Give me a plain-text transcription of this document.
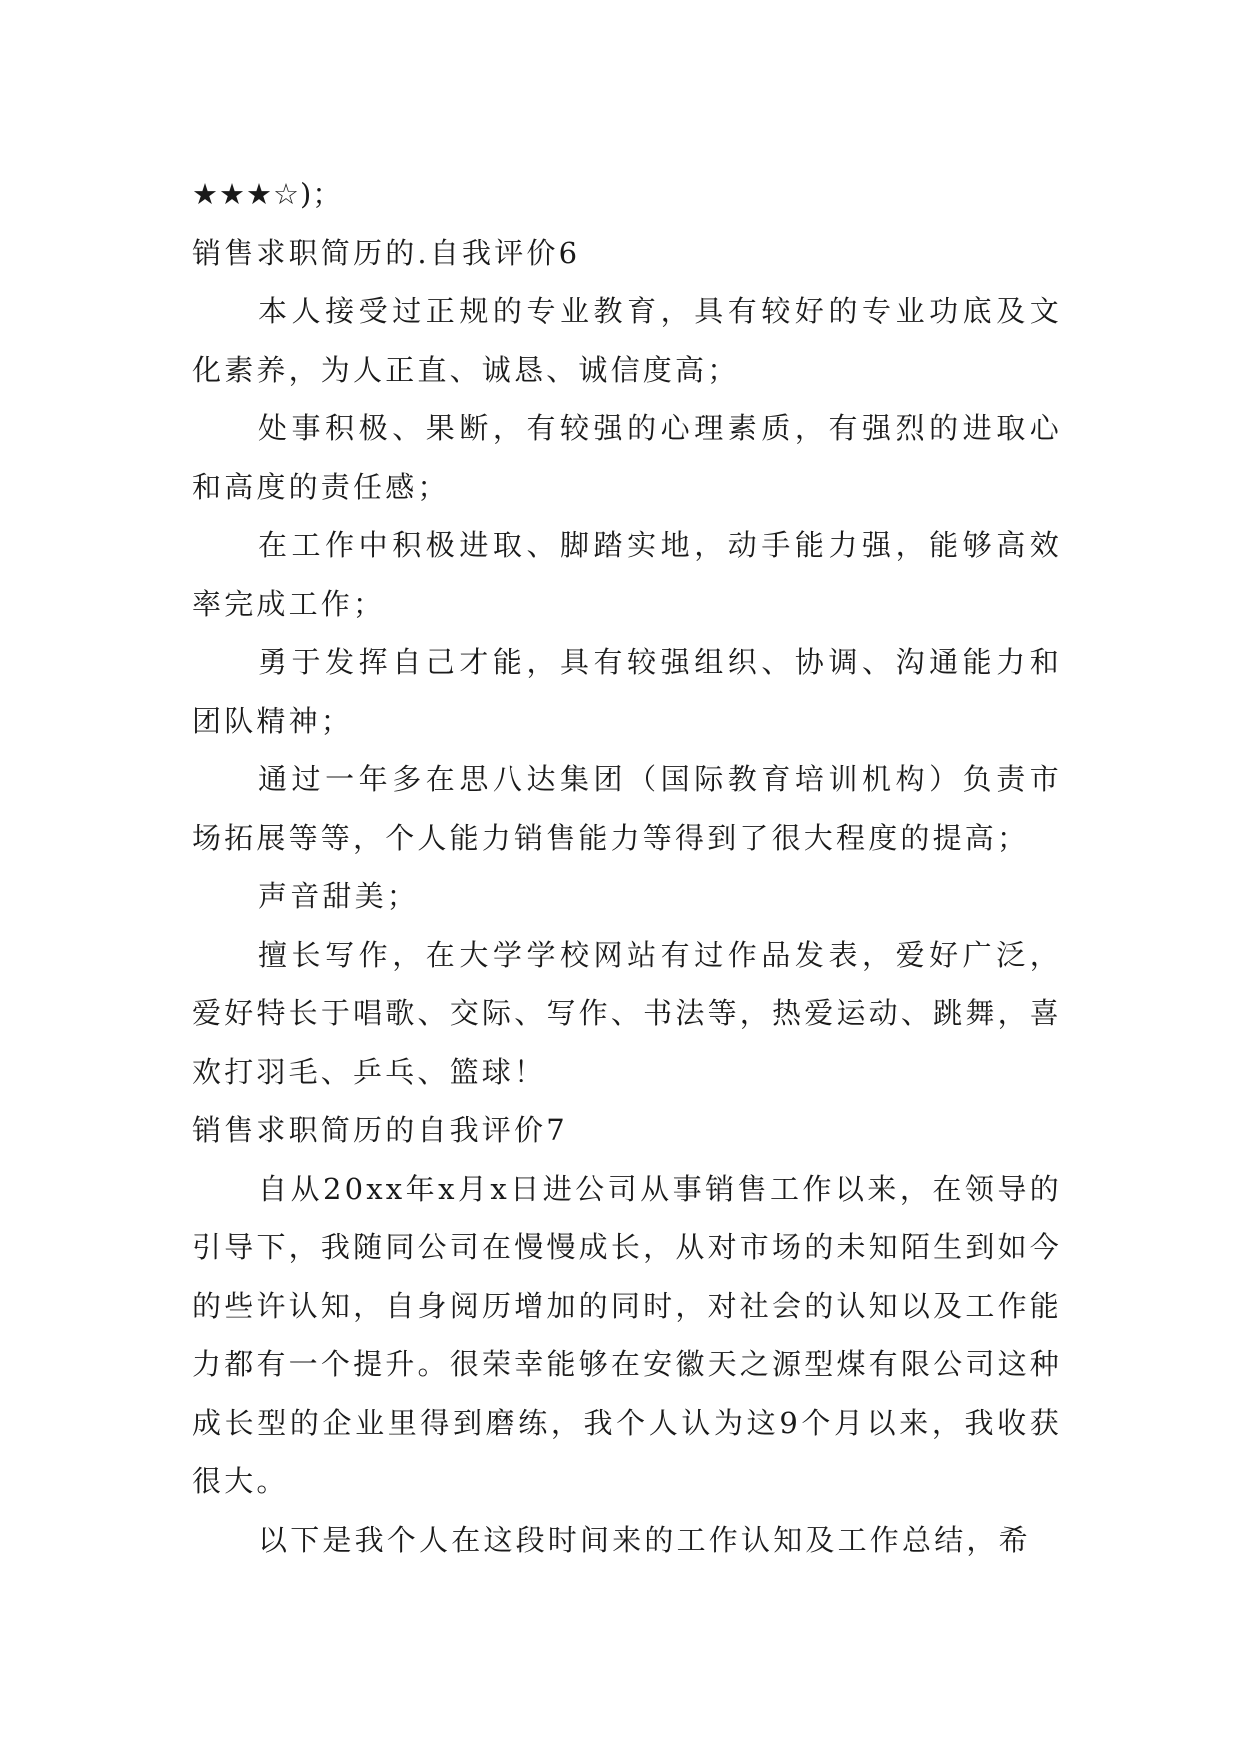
★★★☆)；

销售求职简历的.自我评价6

本人接受过正规的专业教育，具有较好的专业功底及文化素养，为人正直、诚恳、诚信度高；

处事积极、果断，有较强的心理素质，有强烈的进取心和高度的责任感；

在工作中积极进取、脚踏实地，动手能力强，能够高效率完成工作；

勇于发挥自己才能，具有较强组织、协调、沟通能力和团队精神；

通过一年多在思八达集团（国际教育培训机构）负责市场拓展等等，个人能力销售能力等得到了很大程度的提高；

声音甜美；

擅长写作，在大学学校网站有过作品发表，爱好广泛，爱好特长于唱歌、交际、写作、书法等，热爱运动、跳舞，喜欢打羽毛、乒乓、篮球！

销售求职简历的自我评价7

自从20xx年x月x日进公司从事销售工作以来，在领导的引导下，我随同公司在慢慢成长，从对市场的未知陌生到如今的些许认知，自身阅历增加的同时，对社会的认知以及工作能力都有一个提升。很荣幸能够在安徽天之源型煤有限公司这种成长型的企业里得到磨练，我个人认为这9个月以来，我收获很大。

以下是我个人在这段时间来的工作认知及工作总结，希
